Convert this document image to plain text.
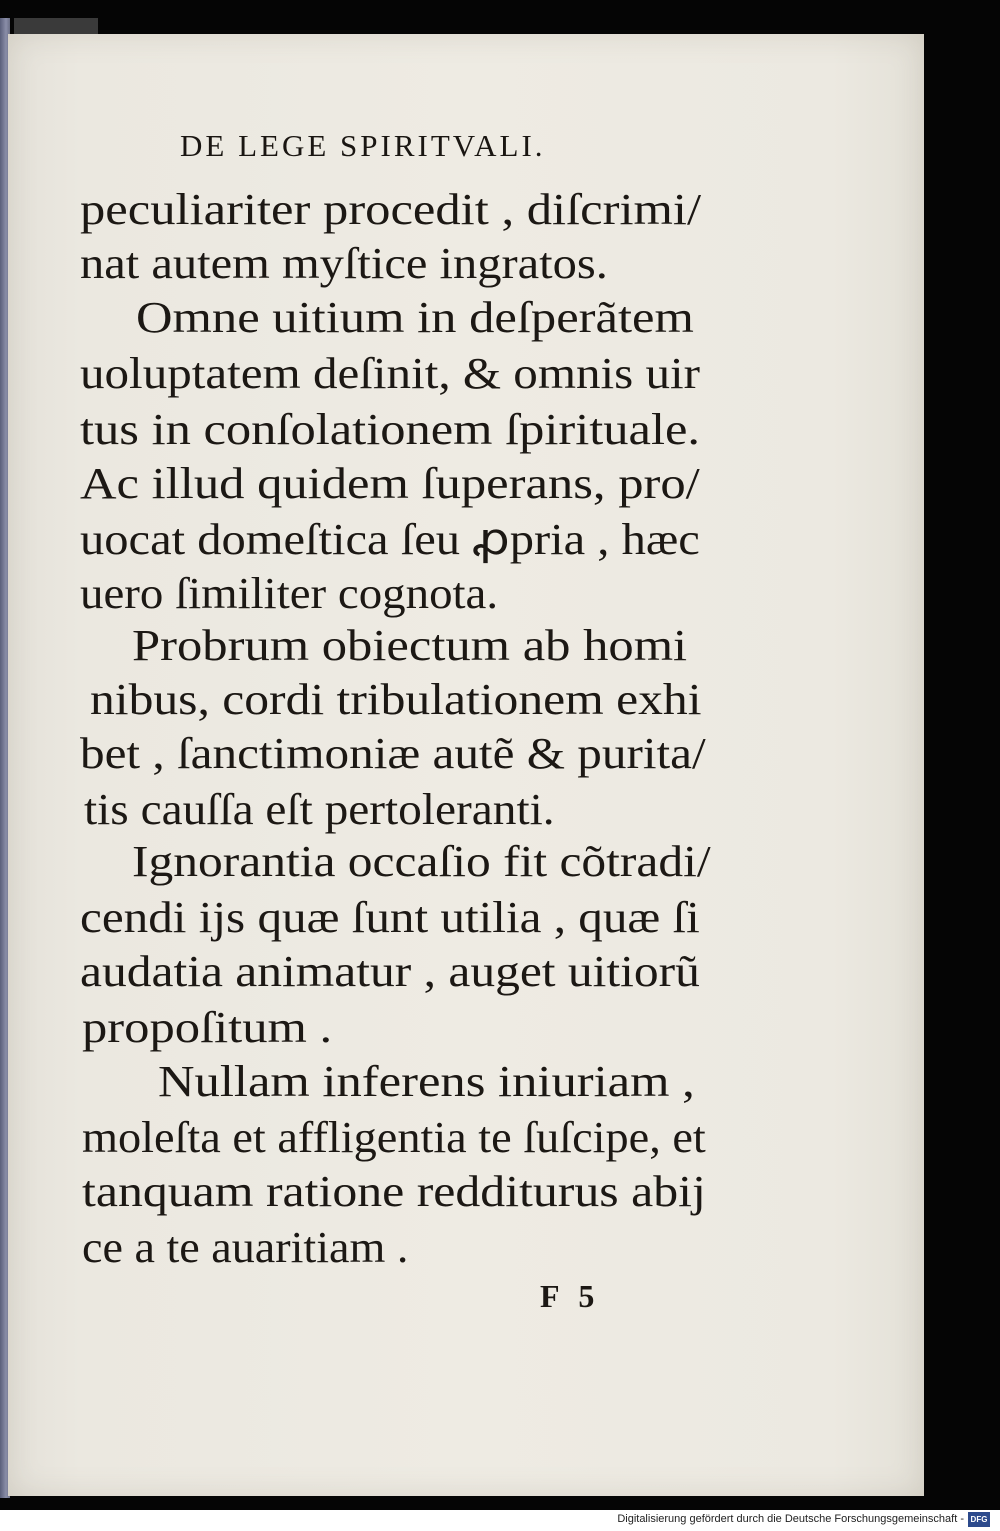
DE LEGE SPIRITVALI.
peculiariter procedit , diſcrimi/
nat autem myſtice ingratos.
Omne uitium in deſperãtem
uoluptatem deſinit, & omnis uir
tus in conſolationem ſpirituale.
Ac illud quidem ſuperans, pro/
uocat domeſtica ſeu ꝓpria , hæc
uero ſimiliter cognota.
Probrum obiectum ab homi
nibus, cordi tribulationem exhi
bet , ſanctimoniæ autẽ & purita/
tis cauſſa eſt pertoleranti.
Ignorantia occaſio fit cõtradi/
cendi ijs quæ ſunt utilia , quæ ſi
audatia animatur , auget uitiorũ
propoſitum .
Nullam inferens iniuriam ,
moleſta et affligentia te ſuſcipe, et
tanquam ratione redditurus abij
ce a te auaritiam .
F 5
Digitalisierung gefördert durch die Deutsche Forschungsgemeinschaft - DFG
